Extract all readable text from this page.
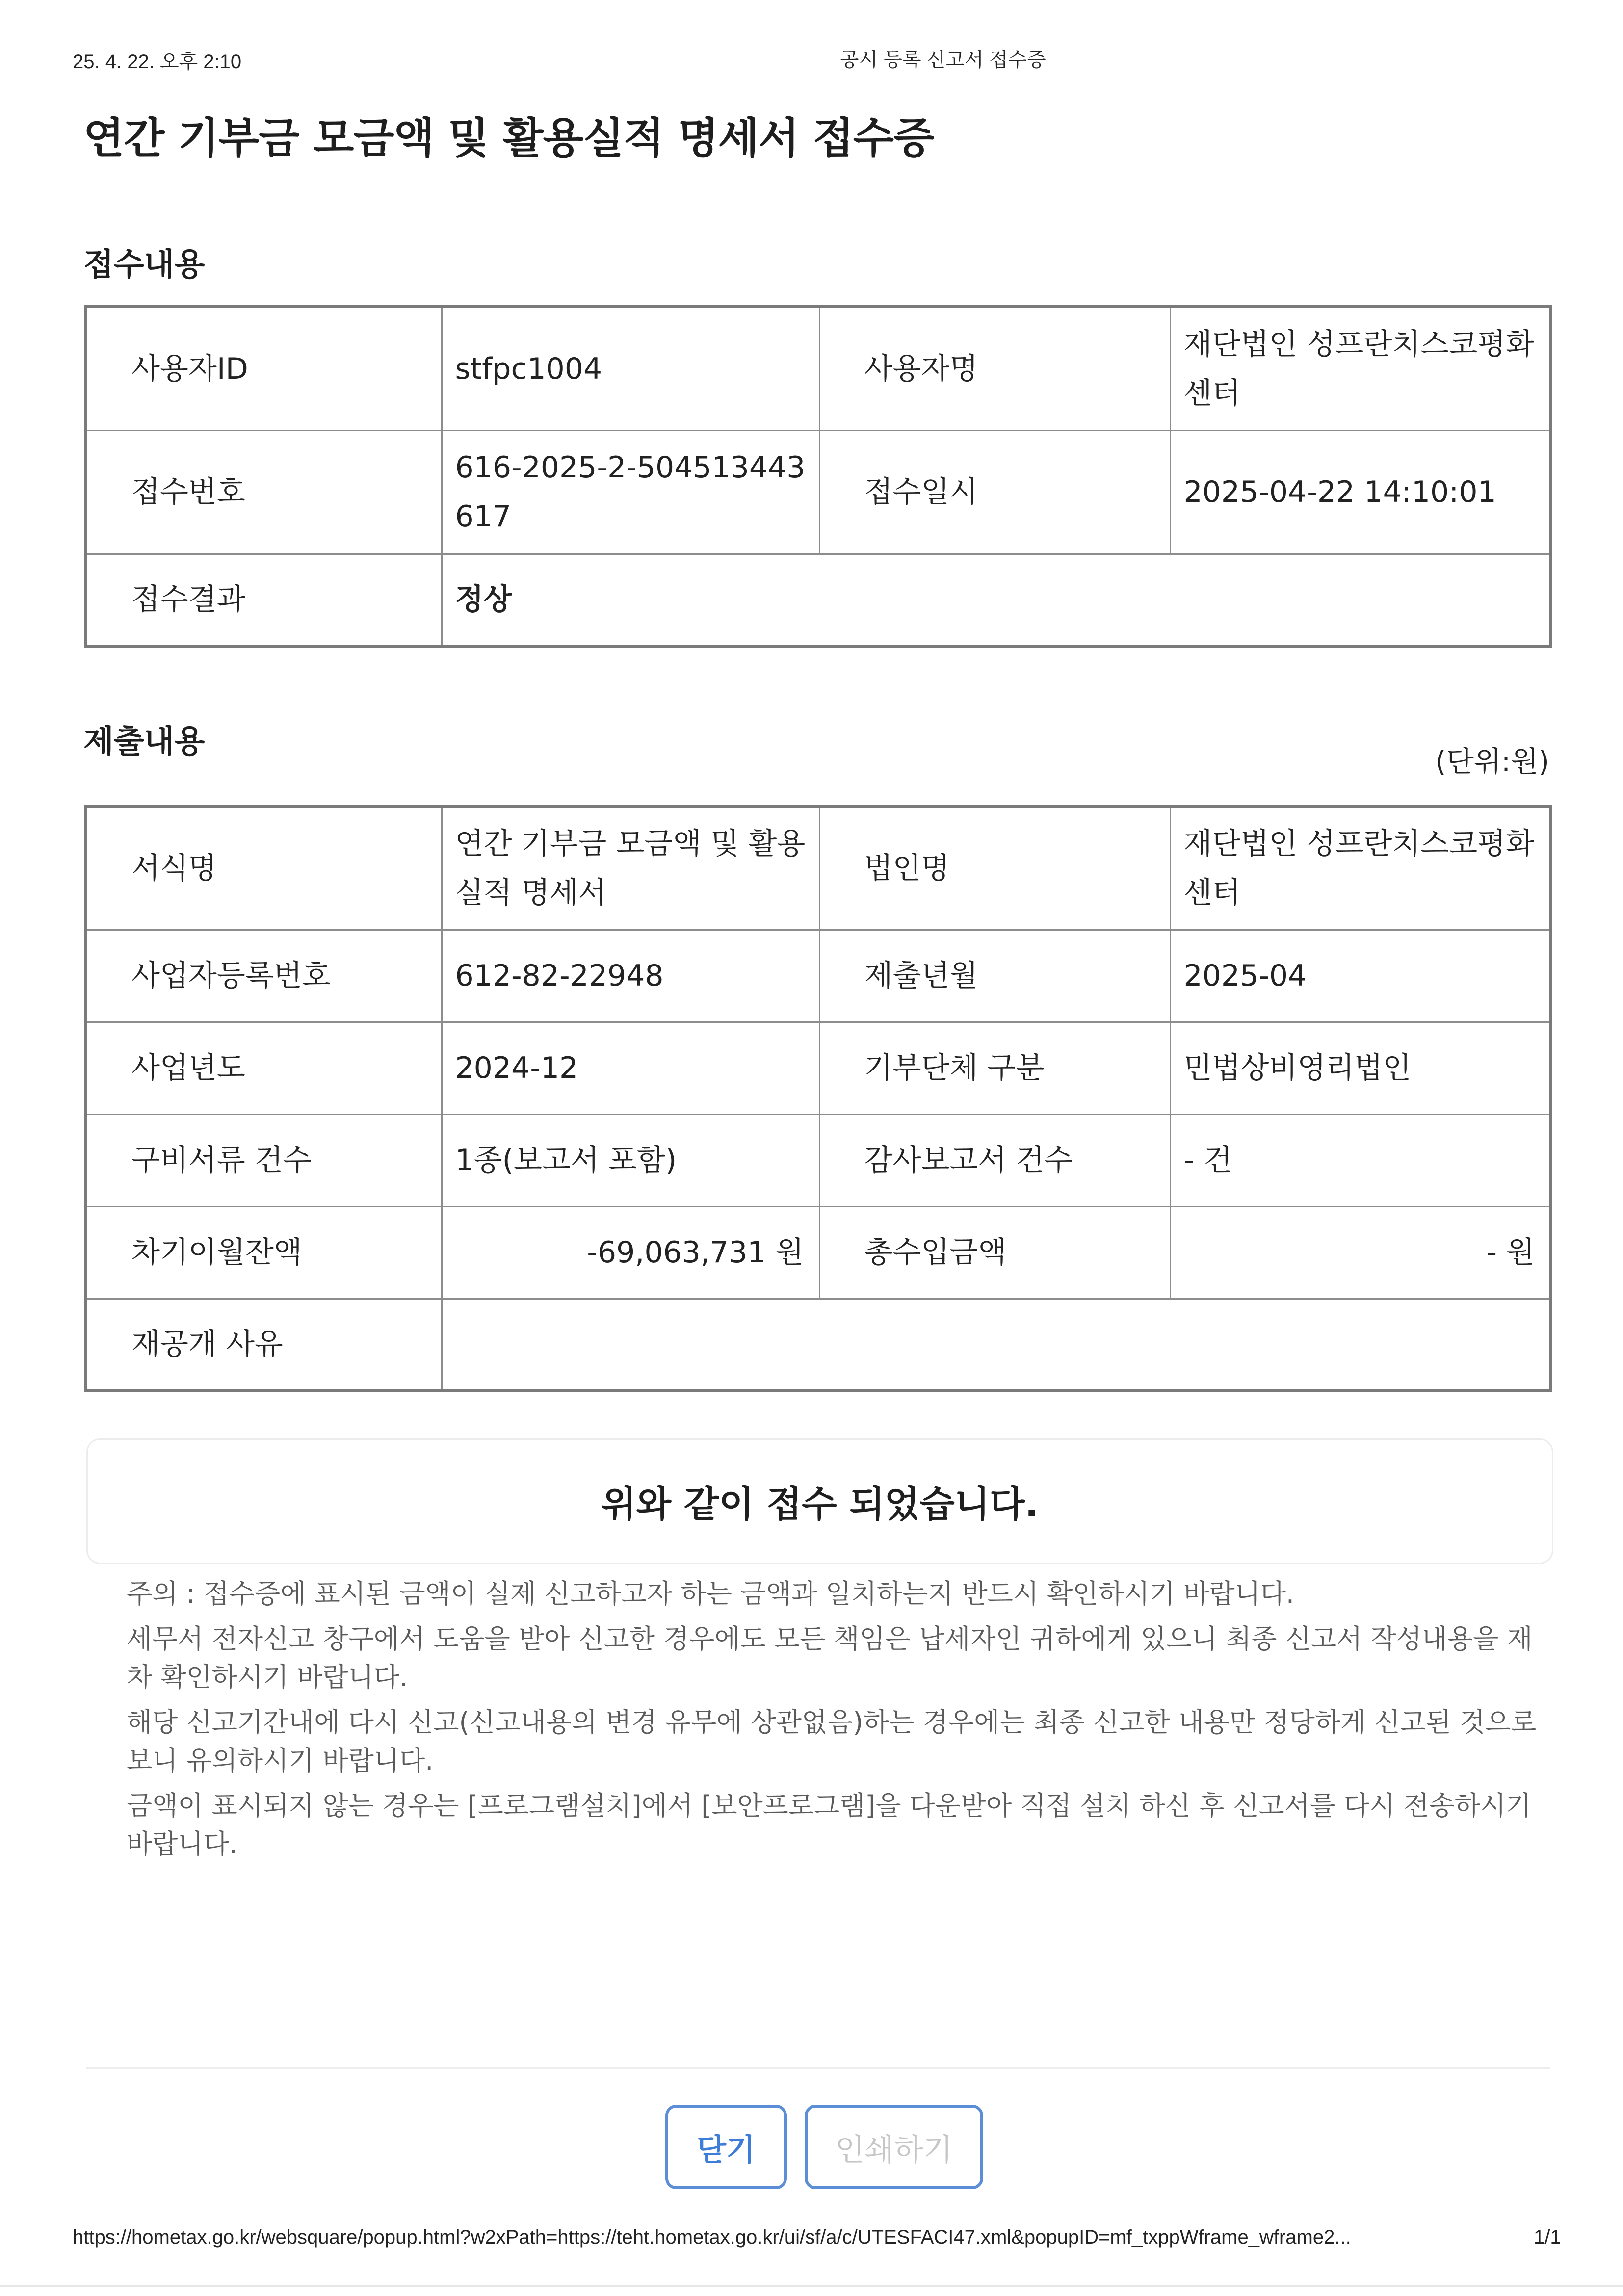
25. 4. 22. 오후 2:10	공시 등록 신고서 접수증
연간 기부금 모금액 및 활용실적 명세서 접수증
접수내용
사용자ID	stfpc1004	사용자명	재단법인 성프란치스코평화센터
접수번호	616-2025-2-504513443617	접수일시	2025-04-22 14:10:01
접수결과	정상		
제출내용
(단위:원)
서식명	연간 기부금 모금액 및 활용실적 명세서	법인명	재단법인 성프란치스코평화센터
사업자등록번호	612-82-22948	제출년월	2025-04
사업년도	2024-12	기부단체 구분	민법상비영리법인
구비서류 건수	1종(보고서 포함)	감사보고서 건수	- 건
차기이월잔액	-69,063,731 원	총수입금액	- 원
재공개 사유			
위와 같이 접수 되었습니다.

주의 : 접수증에 표시된 금액이 실제 신고하고자 하는 금액과 일치하는지 반드시 확인하시기 바랍니다.

세무서 전자신고 창구에서 도움을 받아 신고한 경우에도 모든 책임은 납세자인 귀하에게 있으니 최종 신고서 작성내용을 재차 확인하시기 바랍니다.

해당 신고기간내에 다시 신고(신고내용의 변경 유무에 상관없음)하는 경우에는 최종 신고한 내용만 정당하게 신고된 것으로 보니 유의하시기 바랍니다.

금액이 표시되지 않는 경우는 [프로그램설치]에서 [보안프로그램]을 다운받아 직접 설치 하신 후 신고서를 다시 전송하시기 바랍니다.

닫기	인쇄하기
https://hometax.go.kr/websquare/popup.html?w2xPath=https://teht.hometax.go.kr/ui/sf/a/c/UTESFACI47.xml&popupID=mf_txppWframe_wframe2...	1/1
